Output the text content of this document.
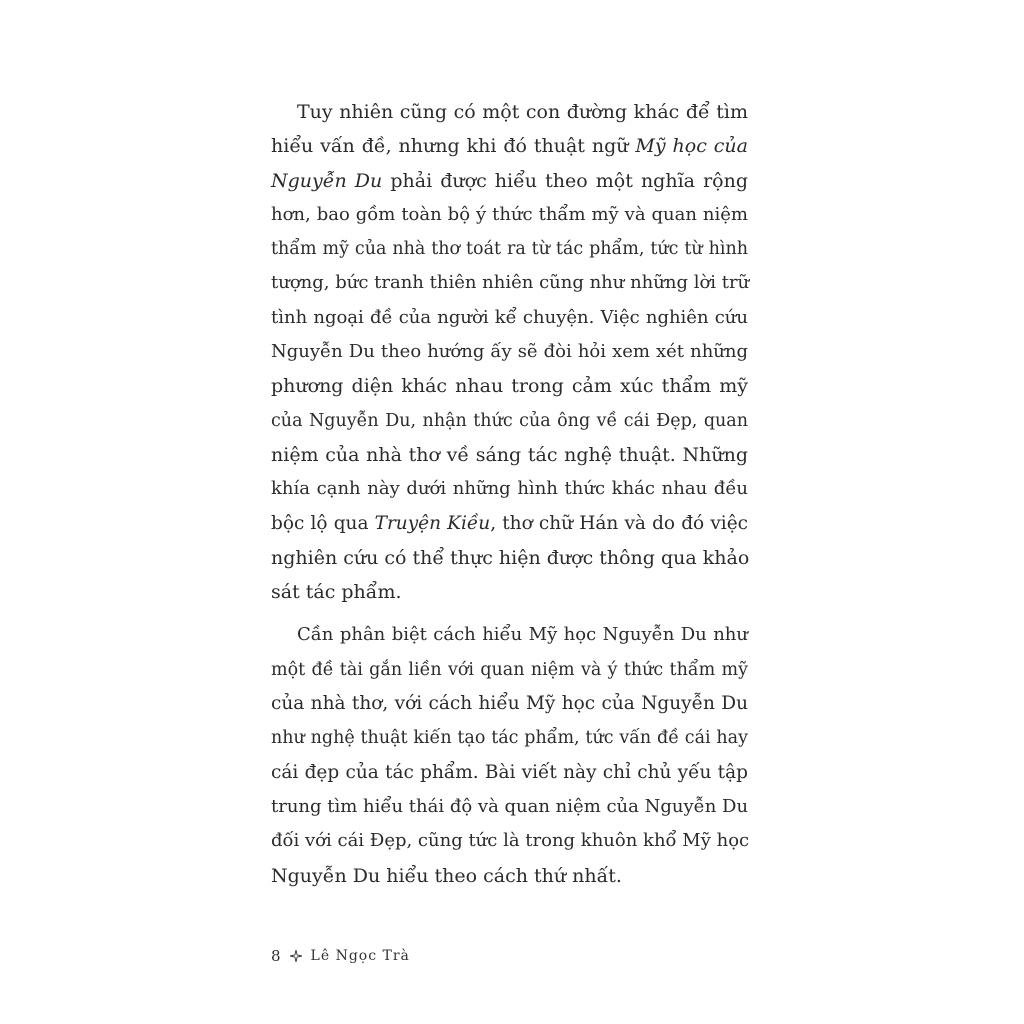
Tuy nhiên cũng có một con đường khác để tìm
hiểu vấn đề, nhưng khi đó thuật ngữ Mỹ học của
Nguyễn Du phải được hiểu theo một nghĩa rộng
hơn, bao gồm toàn bộ ý thức thẩm mỹ và quan niệm
thẩm mỹ của nhà thơ toát ra từ tác phẩm, tức từ hình
tượng, bức tranh thiên nhiên cũng như những lời trữ
tình ngoại đề của người kể chuyện. Việc nghiên cứu
Nguyễn Du theo hướng ấy sẽ đòi hỏi xem xét những
phương diện khác nhau trong cảm xúc thẩm mỹ
của Nguyễn Du, nhận thức của ông về cái Đẹp, quan
niệm của nhà thơ về sáng tác nghệ thuật. Những
khía cạnh này dưới những hình thức khác nhau đều
bộc lộ qua Truyện Kiều, thơ chữ Hán và do đó việc
nghiên cứu có thể thực hiện được thông qua khảo
sát tác phẩm.
Cần phân biệt cách hiểu Mỹ học Nguyễn Du như
một đề tài gắn liền với quan niệm và ý thức thẩm mỹ
của nhà thơ, với cách hiểu Mỹ học của Nguyễn Du
như nghệ thuật kiến tạo tác phẩm, tức vấn đề cái hay
cái đẹp của tác phẩm. Bài viết này chỉ chủ yếu tập
trung tìm hiểu thái độ và quan niệm của Nguyễn Du
đối với cái Đẹp, cũng tức là trong khuôn khổ Mỹ học
Nguyễn Du hiểu theo cách thứ nhất.
8 Lê Ngọc Trà
